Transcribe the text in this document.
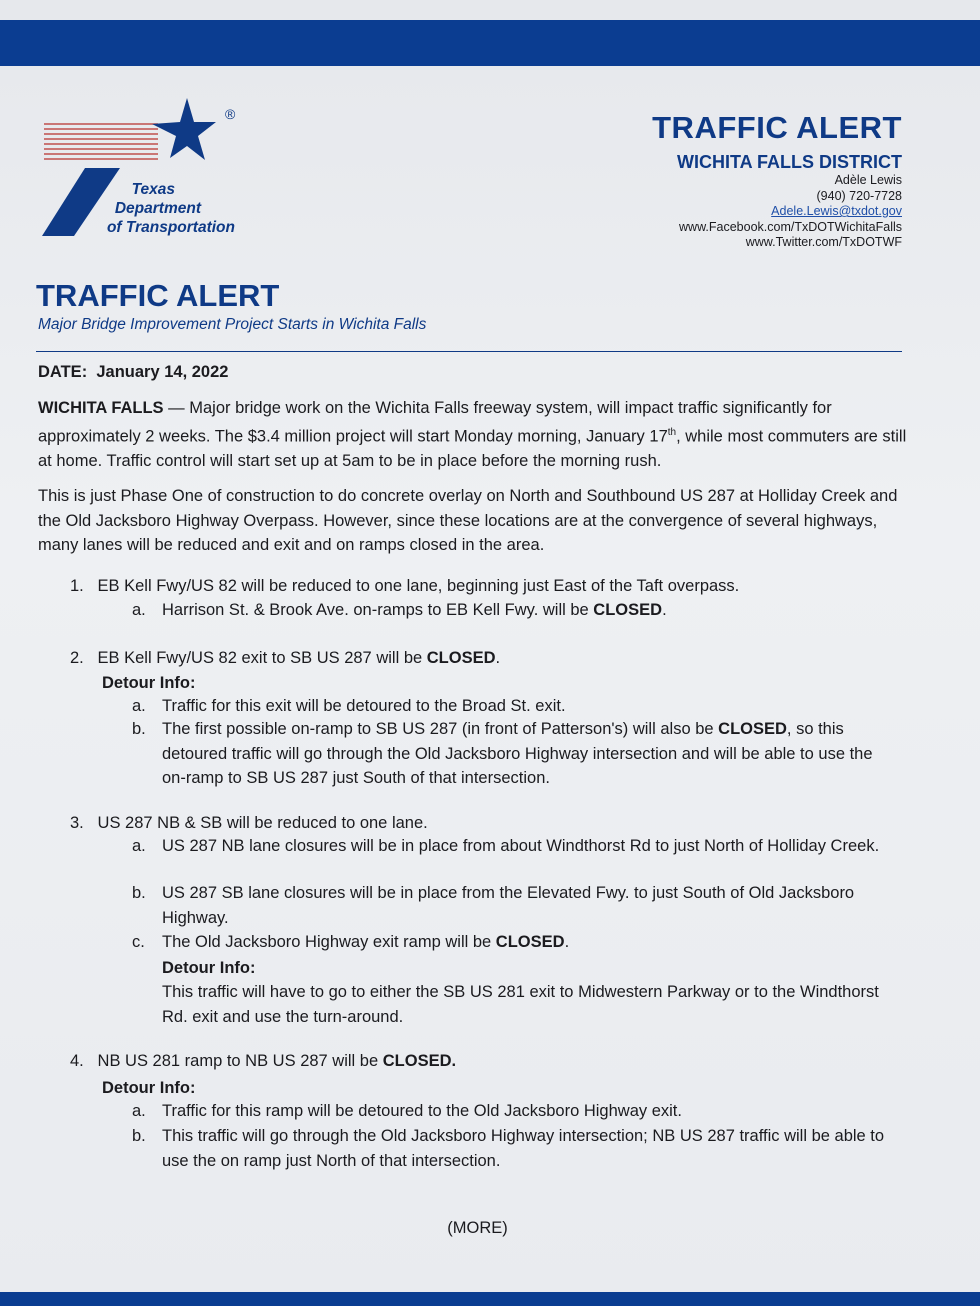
®
Texas
Department
of Transportation
TRAFFIC ALERT
WICHITA FALLS DISTRICT
Adèle Lewis
(940) 720-7728
Adele.Lewis@txdot.gov
www.Facebook.com/TxDOTWichitaFalls
www.Twitter.com/TxDOTWF
TRAFFIC ALERT
Major Bridge Improvement Project Starts in Wichita Falls
DATE: January 14, 2022
WICHITA FALLS — Major bridge work on the Wichita Falls freeway system, will impact traffic significantly for approximately 2 weeks. The $3.4 million project will start Monday morning, January 17th, while most commuters are still at home. Traffic control will start set up at 5am to be in place before the morning rush.
This is just Phase One of construction to do concrete overlay on North and Southbound US 287 at Holliday Creek and the Old Jacksboro Highway Overpass. However, since these locations are at the convergence of several highways, many lanes will be reduced and exit and on ramps closed in the area.
1. EB Kell Fwy/US 82 will be reduced to one lane, beginning just East of the Taft overpass.
a. Harrison St. & Brook Ave. on-ramps to EB Kell Fwy. will be CLOSED.
2. EB Kell Fwy/US 82 exit to SB US 287 will be CLOSED.
Detour Info:
a. Traffic for this exit will be detoured to the Broad St. exit.
b. The first possible on-ramp to SB US 287 (in front of Patterson's) will also be CLOSED, so this detoured traffic will go through the Old Jacksboro Highway intersection and will be able to use the on-ramp to SB US 287 just South of that intersection.
3. US 287 NB & SB will be reduced to one lane.
a. US 287 NB lane closures will be in place from about Windthorst Rd to just North of Holliday Creek.
b. US 287 SB lane closures will be in place from the Elevated Fwy. to just South of Old Jacksboro Highway.
c. The Old Jacksboro Highway exit ramp will be CLOSED.
Detour Info:
This traffic will have to go to either the SB US 281 exit to Midwestern Parkway or to the Windthorst Rd. exit and use the turn-around.
4. NB US 281 ramp to NB US 287 will be CLOSED.
Detour Info:
a. Traffic for this ramp will be detoured to the Old Jacksboro Highway exit.
b. This traffic will go through the Old Jacksboro Highway intersection; NB US 287 traffic will be able to use the on ramp just North of that intersection.
(MORE)
